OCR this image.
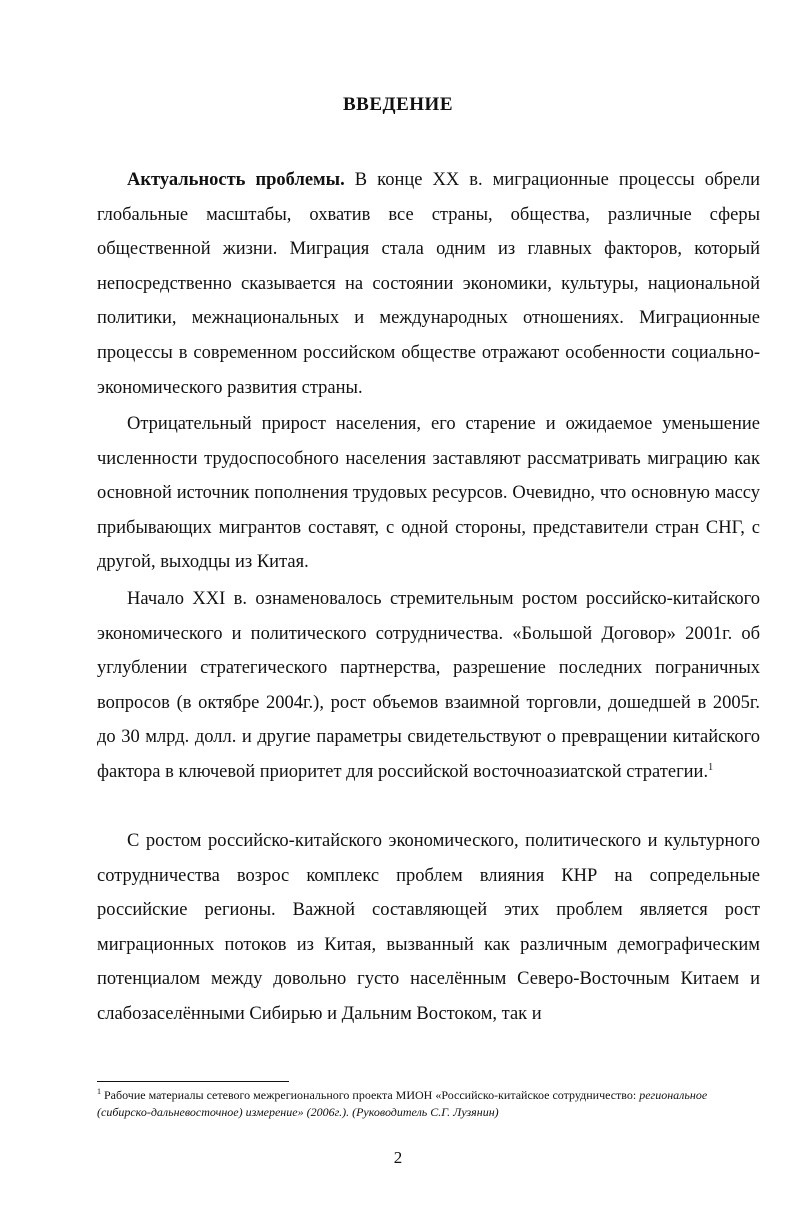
ВВЕДЕНИЕ

Актуальность проблемы. В конце XX в. миграционные процессы обрели глобальные масштабы, охватив все страны, общества, различные сферы общественной жизни. Миграция стала одним из главных факторов, который непосредственно сказывается на состоянии экономики, культуры, национальной политики, межнациональных и международных отношениях. Миграционные процессы в современном российском обществе отражают особенности социально-экономического развития страны.

Отрицательный прирост населения, его старение и ожидаемое уменьшение численности трудоспособного населения заставляют рассматривать миграцию как основной источник пополнения трудовых ресурсов. Очевидно, что основную массу прибывающих мигрантов составят, с одной стороны, представители стран СНГ, с другой, выходцы из Китая.

Начало XXI в. ознаменовалось стремительным ростом российско-китайского экономического и политического сотрудничества. «Большой Договор» 2001г. об углублении стратегического партнерства, разрешение последних пограничных вопросов (в октябре 2004г.), рост объемов взаимной торговли, дошедшей в 2005г. до 30 млрд. долл. и другие параметры свидетельствуют о превращении китайского фактора в ключевой приоритет для российской восточноазиатской стратегии.$^1$

С ростом российско-китайского экономического, политического и культурного сотрудничества возрос комплекс проблем влияния КНР на сопредельные российские регионы. Важной составляющей этих проблем является рост миграционных потоков из Китая, вызванный как различным демографическим потенциалом между довольно густо населённым Северо-Восточным Китаем и слабозаселёнными Сибирью и Дальним Востоком, так и

$^1$ Рабочие материалы сетевого межрегионального проекта МИОН «Российско-китайское сотрудничество: региональное (сибирско-дальневосточное) измерение» (2006г.). (Руководитель С.Г. Лузянин)

2
